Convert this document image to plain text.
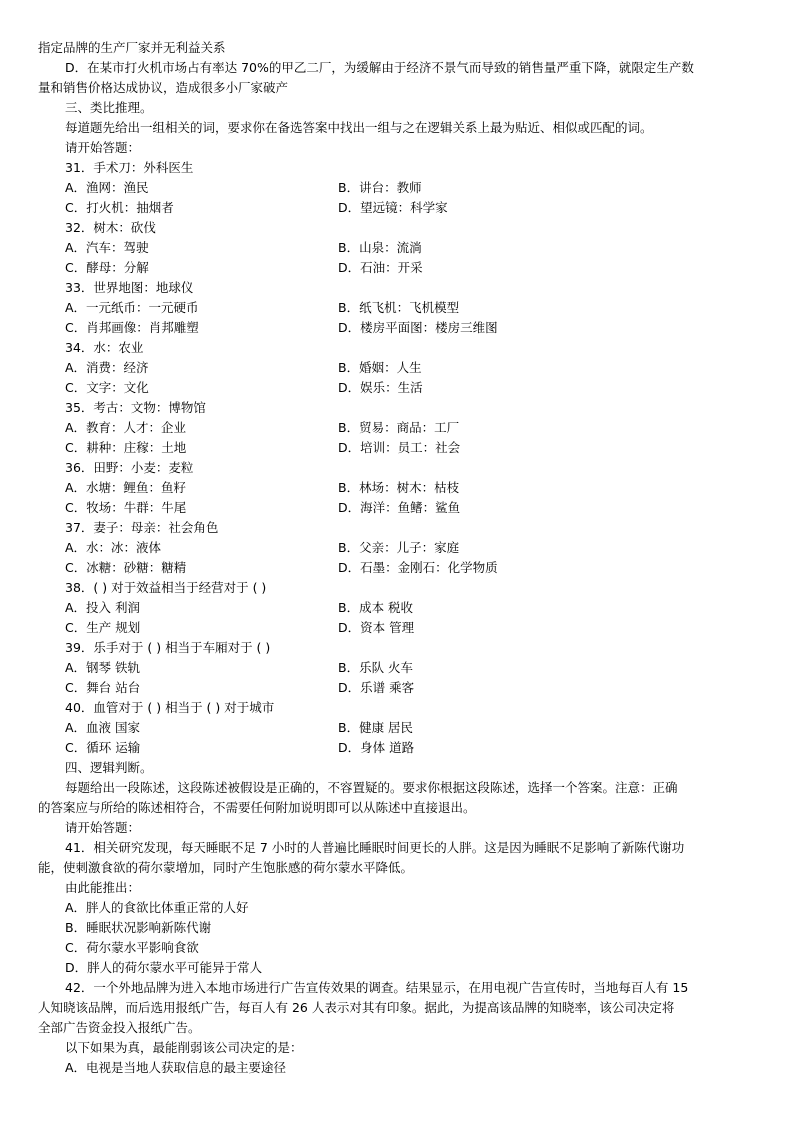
指定品牌的生产厂家并无利益关系
D．在某市打火机市场占有率达 70%的甲乙二厂，为缓解由于经济不景气而导致的销售量严重下降，就限定生产数
量和销售价格达成协议，造成很多小厂家破产
三、类比推理。
每道题先给出一组相关的词，要求你在备选答案中找出一组与之在逻辑关系上最为贴近、相似或匹配的词。
请开始答题：
31．手术刀：外科医生
A．渔网：渔民	B．讲台：教师
C．打火机：抽烟者	D．望远镜：科学家
32．树木：砍伐
A．汽车：驾驶	B．山泉：流淌
C．酵母：分解	D．石油：开采
33．世界地图：地球仪
A．一元纸币：一元硬币	B．纸飞机：飞机模型
C．肖邦画像：肖邦雕塑	D．楼房平面图：楼房三维图
34．水：农业
A．消费：经济	B．婚姻：人生
C．文字：文化	D．娱乐：生活
35．考古：文物：博物馆
A．教育：人才：企业	B．贸易：商品：工厂
C．耕种：庄稼：土地	D．培训：员工：社会
36．田野：小麦：麦粒
A．水塘：鲤鱼：鱼籽	B．林场：树木：枯枝
C．牧场：牛群：牛尾	D．海洋：鱼鳍：鲨鱼
37．妻子：母亲：社会角色
A．水：冰：液体	B．父亲：儿子：家庭
C．冰糖：砂糖：糖精	D．石墨：金刚石：化学物质
38．( ) 对于效益相当于经营对于 ( )
A．投入 利润	B．成本 税收
C．生产 规划	D．资本 管理
39．乐手对于 ( ) 相当于车厢对于 ( )
A．钢琴 铁轨	B．乐队 火车
C．舞台 站台	D．乐谱 乘客
40．血管对于 ( ) 相当于 ( ) 对于城市
A．血液 国家	B．健康 居民
C．循环 运输	D．身体 道路
四、逻辑判断。
每题给出一段陈述，这段陈述被假设是正确的，不容置疑的。要求你根据这段陈述，选择一个答案。注意：正确
的答案应与所给的陈述相符合，不需要任何附加说明即可以从陈述中直接退出。
请开始答题：
41．相关研究发现，每天睡眠不足 7 小时的人普遍比睡眠时间更长的人胖。这是因为睡眠不足影响了新陈代谢功
能，使刺激食欲的荷尔蒙增加，同时产生饱胀感的荷尔蒙水平降低。
由此能推出：
A．胖人的食欲比体重正常的人好
B．睡眠状况影响新陈代谢
C．荷尔蒙水平影响食欲
D．胖人的荷尔蒙水平可能异于常人
42．一个外地品牌为进入本地市场进行广告宣传效果的调查。结果显示，在用电视广告宣传时，当地每百人有 15
人知晓该品牌，而后选用报纸广告，每百人有 26 人表示对其有印象。据此，为提高该品牌的知晓率，该公司决定将
全部广告资金投入报纸广告。
以下如果为真，最能削弱该公司决定的是：
A．电视是当地人获取信息的最主要途径
